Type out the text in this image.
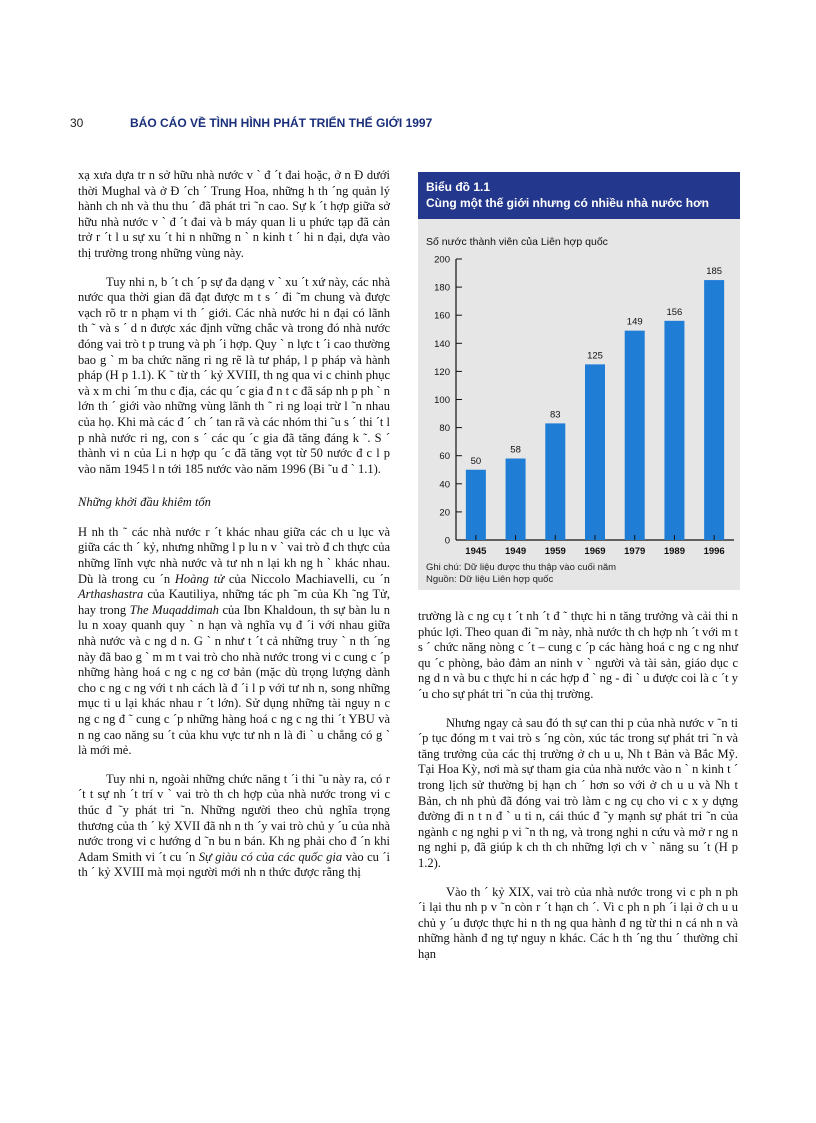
30	BÁO CÁO VỀ TÌNH HÌNH PHÁT TRIỂN THẾ GIỚI 1997

xạ xưa dựa tr n sở hữu nhà nước v ` đ ´t đai hoặc, ở n Đ dưới thời Mughal và ở Đ ´ch ´ Trung Hoa, những h th ´ng quản lý hành ch nh và thu thu ´ đã phát tri ˜n cao. Sự k ´t hợp giữa sở hữu nhà nước v ` đ ´t đai và b máy quan li u phức tạp đã cản trở r ´t l u sự xu ´t hi n những n ` n kinh t ´ hi n đại, dựa vào thị trường trong những vùng này.

Tuy nhi n, b ´t ch ´p sự đa dạng v ` xu ´t xứ này, các nhà nước qua thời gian đã đạt được m t s ´ đi ˜m chung và được vạch rõ tr n phạm vi th ´ giới. Các nhà nước hi n đại có lãnh th ˜ và s ´ d n được xác định vững chắc và trong đó nhà nước đóng vai trò t p trung và ph ´i hợp. Quy ` n lực t ´i cao thường bao g ` m ba chức năng ri ng rẽ là tư pháp, l p pháp và hành pháp (H p 1.1). K ˜ từ th ´ kỷ XVIII, th ng qua vi c chinh phục và x m chi ´m thu c địa, các qu ´c gia đ n t c đã sáp nh p ph ` n lớn th ´ giới vào những vùng lãnh th ˜ ri ng loại trừ l ˜n nhau của họ. Khi mà các đ ´ ch ´ tan rã và các nhóm thi ˜u s ´ thi ´t l p nhà nước ri ng, con s ´ các qu ´c gia đã tăng đáng k ˜. S ´ thành vi n của Li n hợp qu ´c đã tăng vọt từ 50 nước đ c l p vào năm 1945 l n tới 185 nước vào năm 1996 (Bi ˜u đ ` 1.1).

Những khởi đầu khiêm tốn

H nh th ˜ các nhà nước r ´t khác nhau giữa các ch u lục và giữa các th ´ kỷ, nhưng những l p lu n v ` vai trò đ ch thực của những lĩnh vực nhà nước và tư nh n lại kh ng h ` khác nhau. Dù là trong cu ´n Hoàng tử của Niccolo Machiavelli, cu ´n Arthashastra của Kautiliya, những tác ph ˜m của Kh ˜ng Tử, hay trong The Muqaddimah của Ibn Khaldoun, th sự bàn lu n lu n xoay quanh quy ` n hạn và nghĩa vụ đ ´i với nhau giữa nhà nước và c ng d n. G ` n như t ´t cả những truy ` n th ´ng này đã bao g ` m m t vai trò cho nhà nước trong vi c cung c ´p những hàng hoá c ng c ng cơ bản (mặc dù trọng lượng dành cho c ng c ng với t nh cách là đ ´i l p với tư nh n, song những mục ti u lại khác nhau r ´t lớn). Sử dụng những tài nguy n c ng c ng đ ˜ cung c ´p những hàng hoá c ng c ng thi ´t YBU và n ng cao năng su ´t của khu vực tư nh n là đi ` u chẳng có g ` là mới mẻ.

Tuy nhi n, ngoài những chức năng t ´i thi ˜u này ra, có r ´t t sự nh ´t trí v ` vai trò th ch hợp của nhà nước trong vi c thúc đ ˜y phát tri ˜n. Những người theo chủ nghĩa trọng thương của th ´ kỷ XVII đã nh n th ´y vai trò chủ y ´u của nhà nước trong vi c hướng d ˜n bu n bán. Kh ng phải cho đ ´n khi Adam Smith vi ´t cu ´n Sự giàu có của các quốc gia vào cu ´i th ´ kỷ XVIII mà mọi người mới nh n thức được rằng thị

Biểu đồ 1.1
Cùng một thế giới nhưng có nhiều nhà nước hơn
Số nước thành viên của Liên hợp quốc
0
20
40
60
80
100
120
140
160
180
200
50
1945
58
1949
83
1959
125
1969
149
1979
156
1989
185
1996
Ghi chú: Dữ liệu được thu thập vào cuối năm
Nguồn: Dữ liệu Liên hợp quốc

trường là c ng cụ t ´t nh ´t đ ˜ thực hi n tăng trưởng và cải thi n phúc lợi. Theo quan đi ˜m này, nhà nước th ch hợp nh ´t với m t s ´ chức năng nòng c ´t – cung c ´p các hàng hoá c ng c ng như qu ´c phòng, bảo đảm an ninh v ` người và tài sản, giáo dục c ng d n và bu c thực hi n các hợp đ ` ng - đi ` u được coi là c ´t y ´u cho sự phát tri ˜n của thị trường.

Nhưng ngay cả sau đó th sự can thi p của nhà nước v ˜n ti ´p tục đóng m t vai trò s ´ng còn, xúc tác trong sự phát tri ˜n và tăng trưởng của các thị trường ở ch u u, Nh t Bản và Bắc Mỹ. Tại Hoa Kỳ, nơi mà sự tham gia của nhà nước vào n ` n kinh t ´ trong lịch sử thường bị hạn ch ´ hơn so với ở ch u u và Nh t Bản, ch nh phủ đã đóng vai trò làm c ng cụ cho vi c x y dựng đường đi n t n đ ` u ti n, cái thúc đ ˜y mạnh sự phát tri ˜n của ngành c ng nghi p vi ˜n th ng, và trong nghi n cứu và mở r ng n ng nghi p, đã giúp k ch th ch những lợi ch v ` năng su ´t (H p 1.2).

Vào th ´ kỷ XIX, vai trò của nhà nước trong vi c ph n ph ´i lại thu nh p v ˜n còn r ´t hạn ch ´. Vi c ph n ph ´i lại ở ch u u chủ y ´u được thực hi n th ng qua hành đ ng từ thi n cá nh n và những hành đ ng tự nguy n khác. Các h th ´ng thu ´ thường chỉ hạn
